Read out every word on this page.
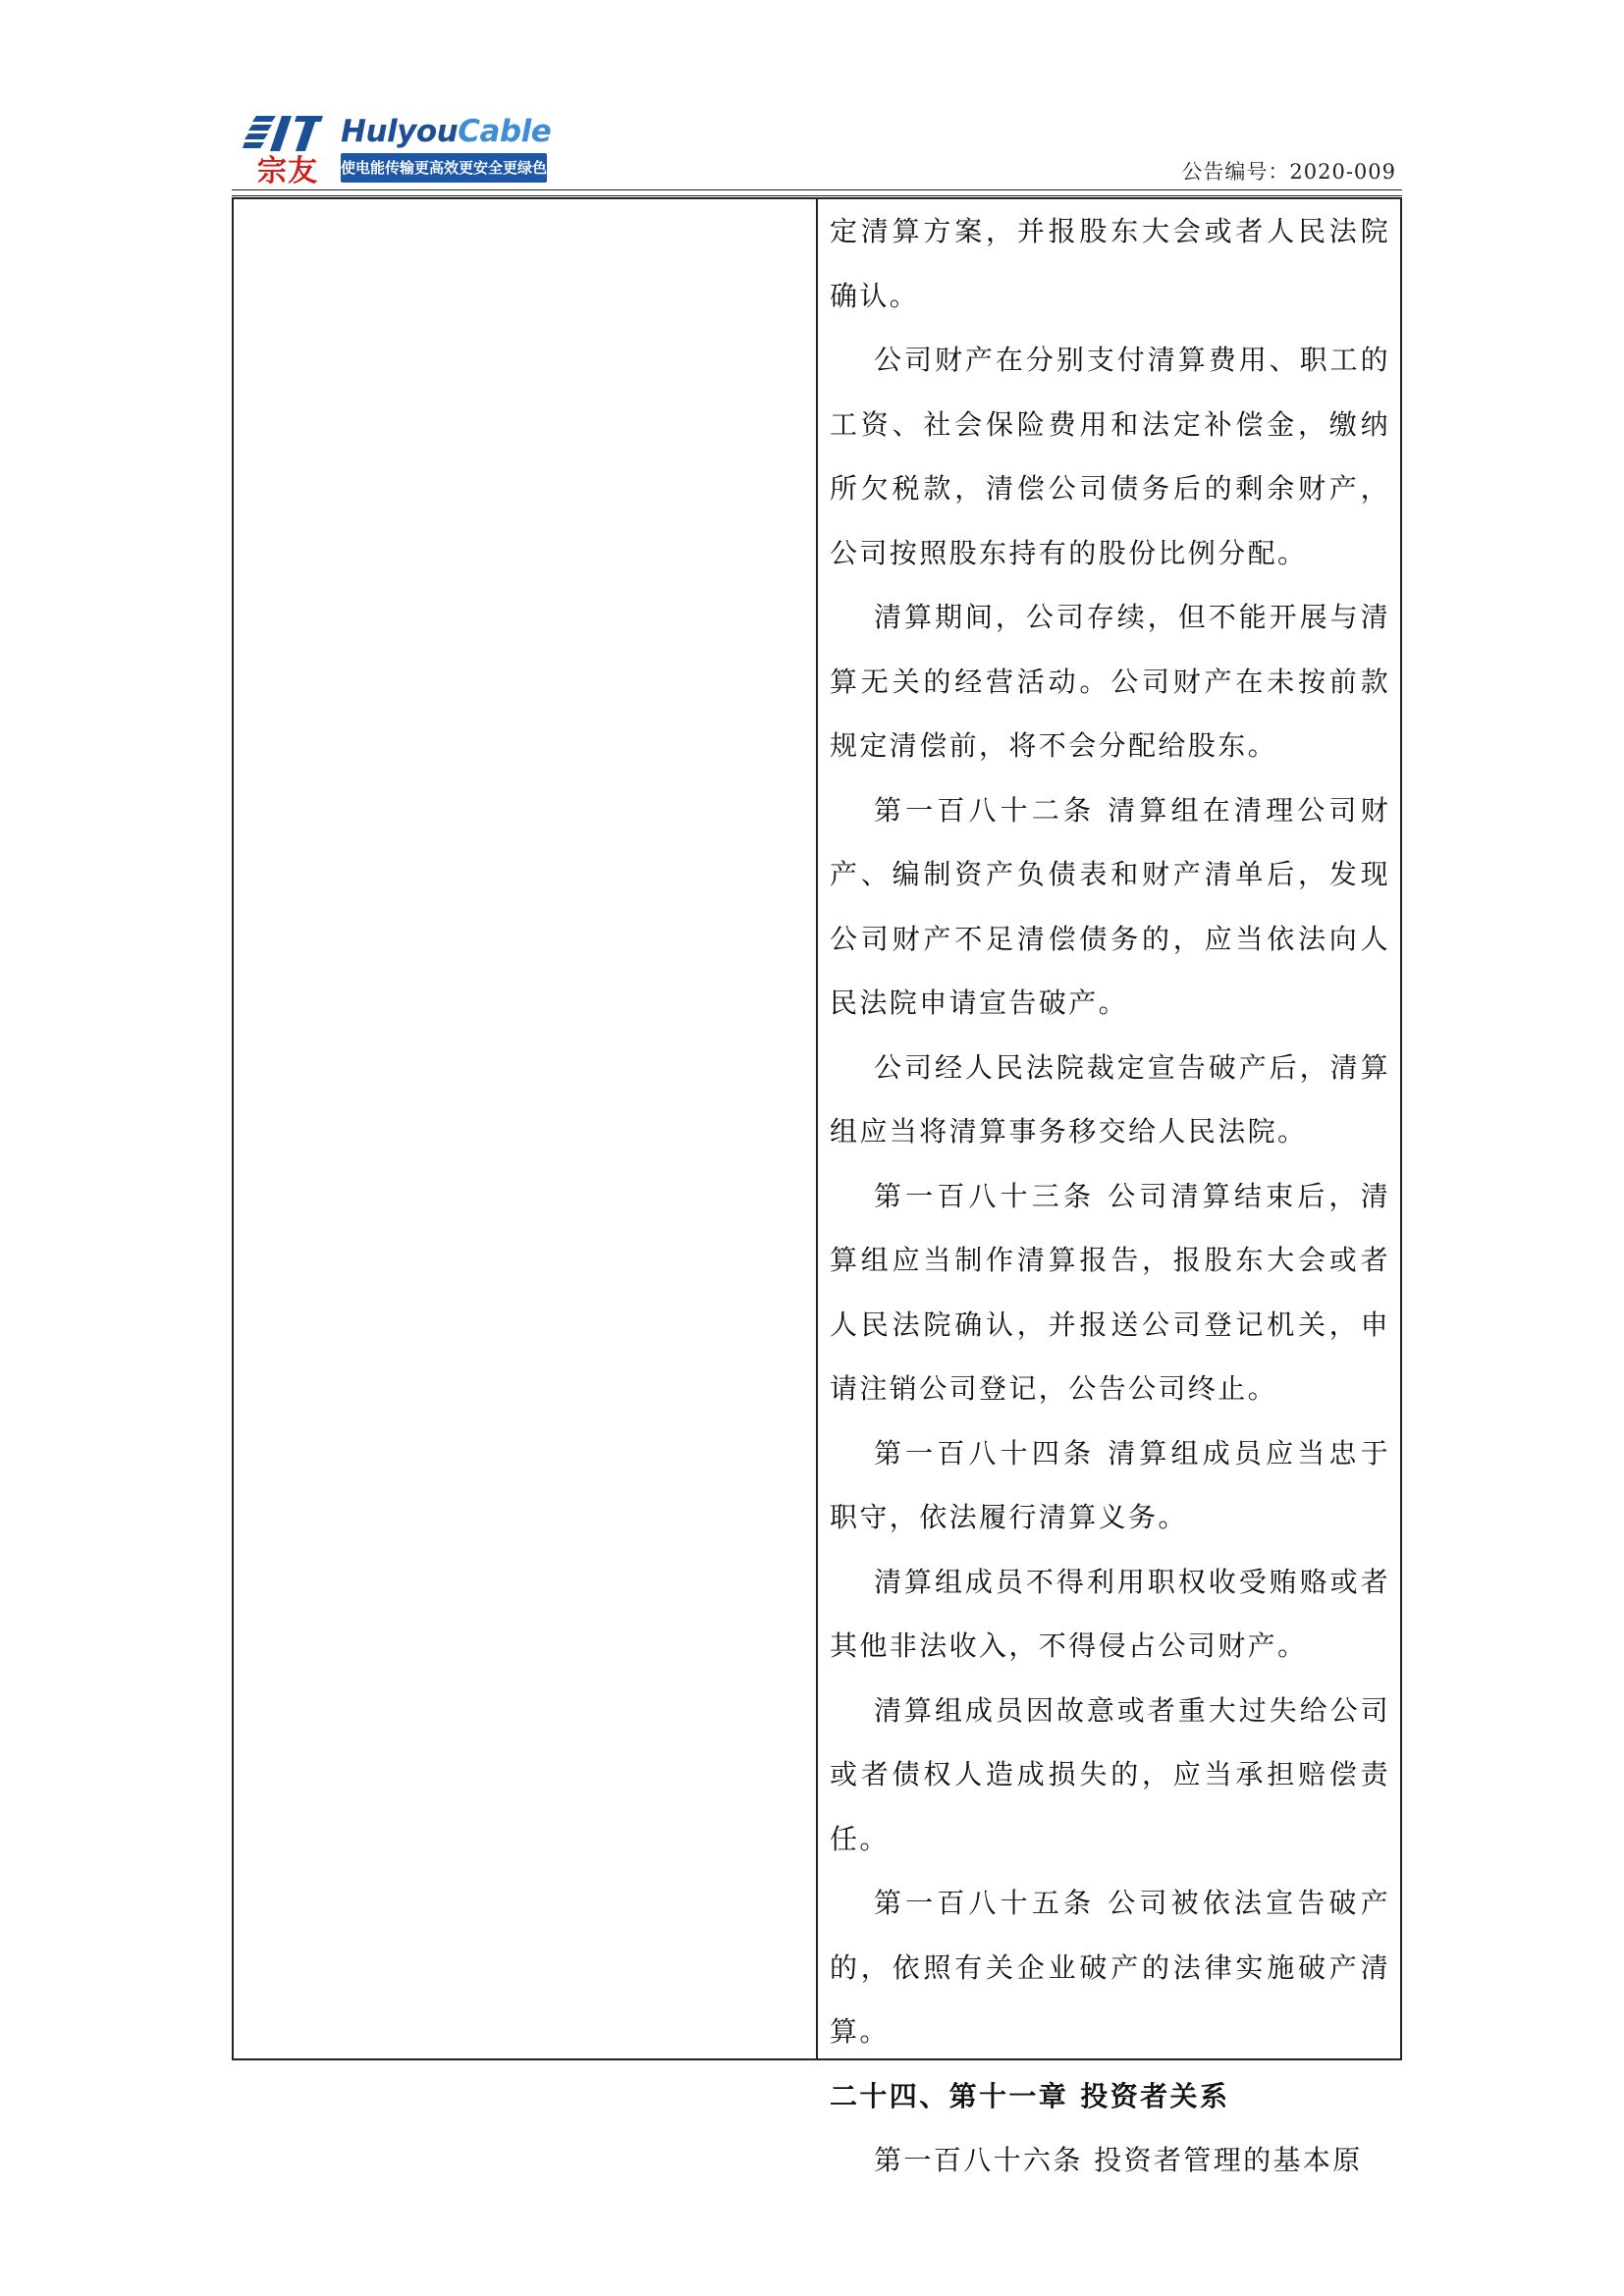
宗友
HulyouCable
使电能传输更高效更安全更绿色	公告编号：2020-009

定清算方案，并报股东大会或者人民法院确认。

公司财产在分别支付清算费用、职工的工资、社会保险费用和法定补偿金，缴纳所欠税款，清偿公司债务后的剩余财产，公司按照股东持有的股份比例分配。

清算期间，公司存续，但不能开展与清算无关的经营活动。公司财产在未按前款规定清偿前，将不会分配给股东。

第一百八十二条 清算组在清理公司财产、编制资产负债表和财产清单后，发现公司财产不足清偿债务的，应当依法向人民法院申请宣告破产。

公司经人民法院裁定宣告破产后，清算组应当将清算事务移交给人民法院。

第一百八十三条 公司清算结束后，清算组应当制作清算报告，报股东大会或者人民法院确认，并报送公司登记机关，申请注销公司登记，公告公司终止。

第一百八十四条 清算组成员应当忠于职守，依法履行清算义务。

清算组成员不得利用职权收受贿赂或者其他非法收入，不得侵占公司财产。

清算组成员因故意或者重大过失给公司或者债权人造成损失的，应当承担赔偿责任。

第一百八十五条 公司被依法宣告破产的，依照有关企业破产的法律实施破产清算。

二十四、第十一章 投资者关系

第一百八十六条 投资者管理的基本原
